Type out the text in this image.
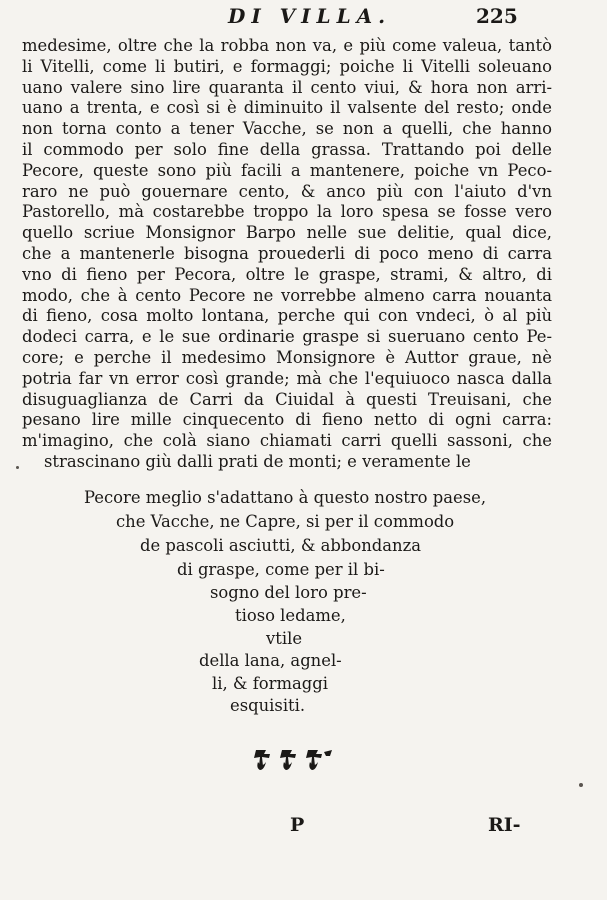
DI VILLA.	225
medesime, oltre che la robba non va, e più come valeua, tantò
li Vitelli, come li butiri, e formaggi; poiche li Vitelli soleuano
uano valere sino lire quaranta il cento viui, & hora non arri-
uano a trenta, e così si è diminuito il valsente del resto; onde
non torna conto a tener Vacche, se non a quelli, che hanno
il commodo per solo fine della grassa. Trattando poi delle
Pecore, queste sono più facili a mantenere, poiche vn Peco-
raro ne può gouernare cento, & anco più con l'aiuto d'vn
Pastorello, mà costarebbe troppo la loro spesa se fosse vero
quello scriue Monsignor Barpo nelle sue delitie, qual dice,
che a mantenerle bisogna prouederli di poco meno di carra
vno di fieno per Pecora, oltre le graspe, strami, & altro, di
modo, che à cento Pecore ne vorrebbe almeno carra nouanta
di fieno, cosa molto lontana, perche qui con vndeci, ò al più
dodeci carra, e le sue ordinarie graspe si sueruano cento Pe-
core; e perche il medesimo Monsignore è Auttor graue, nè
potria far vn error così grande; mà che l'equiuoco nasca dalla
disuguaglianza de Carri da Ciuidal à questi Treuisani, che
pesano lire mille cinquecento di fieno netto di ogni carra:
m'imagino, che colà siano chiamati carri quelli sassoni, che
strascinano giù dalli prati de monti; e veramente le
Pecore meglio s'adattano à questo nostro paese,
che Vacche, ne Capre, si per il commodo
de pascoli asciutti, & abbondanza
di graspe, come per il bi-
sogno del loro pre-
tioso ledame,
vtile
della lana, agnel-
li, & formaggi
esquisiti.
P	RI-
